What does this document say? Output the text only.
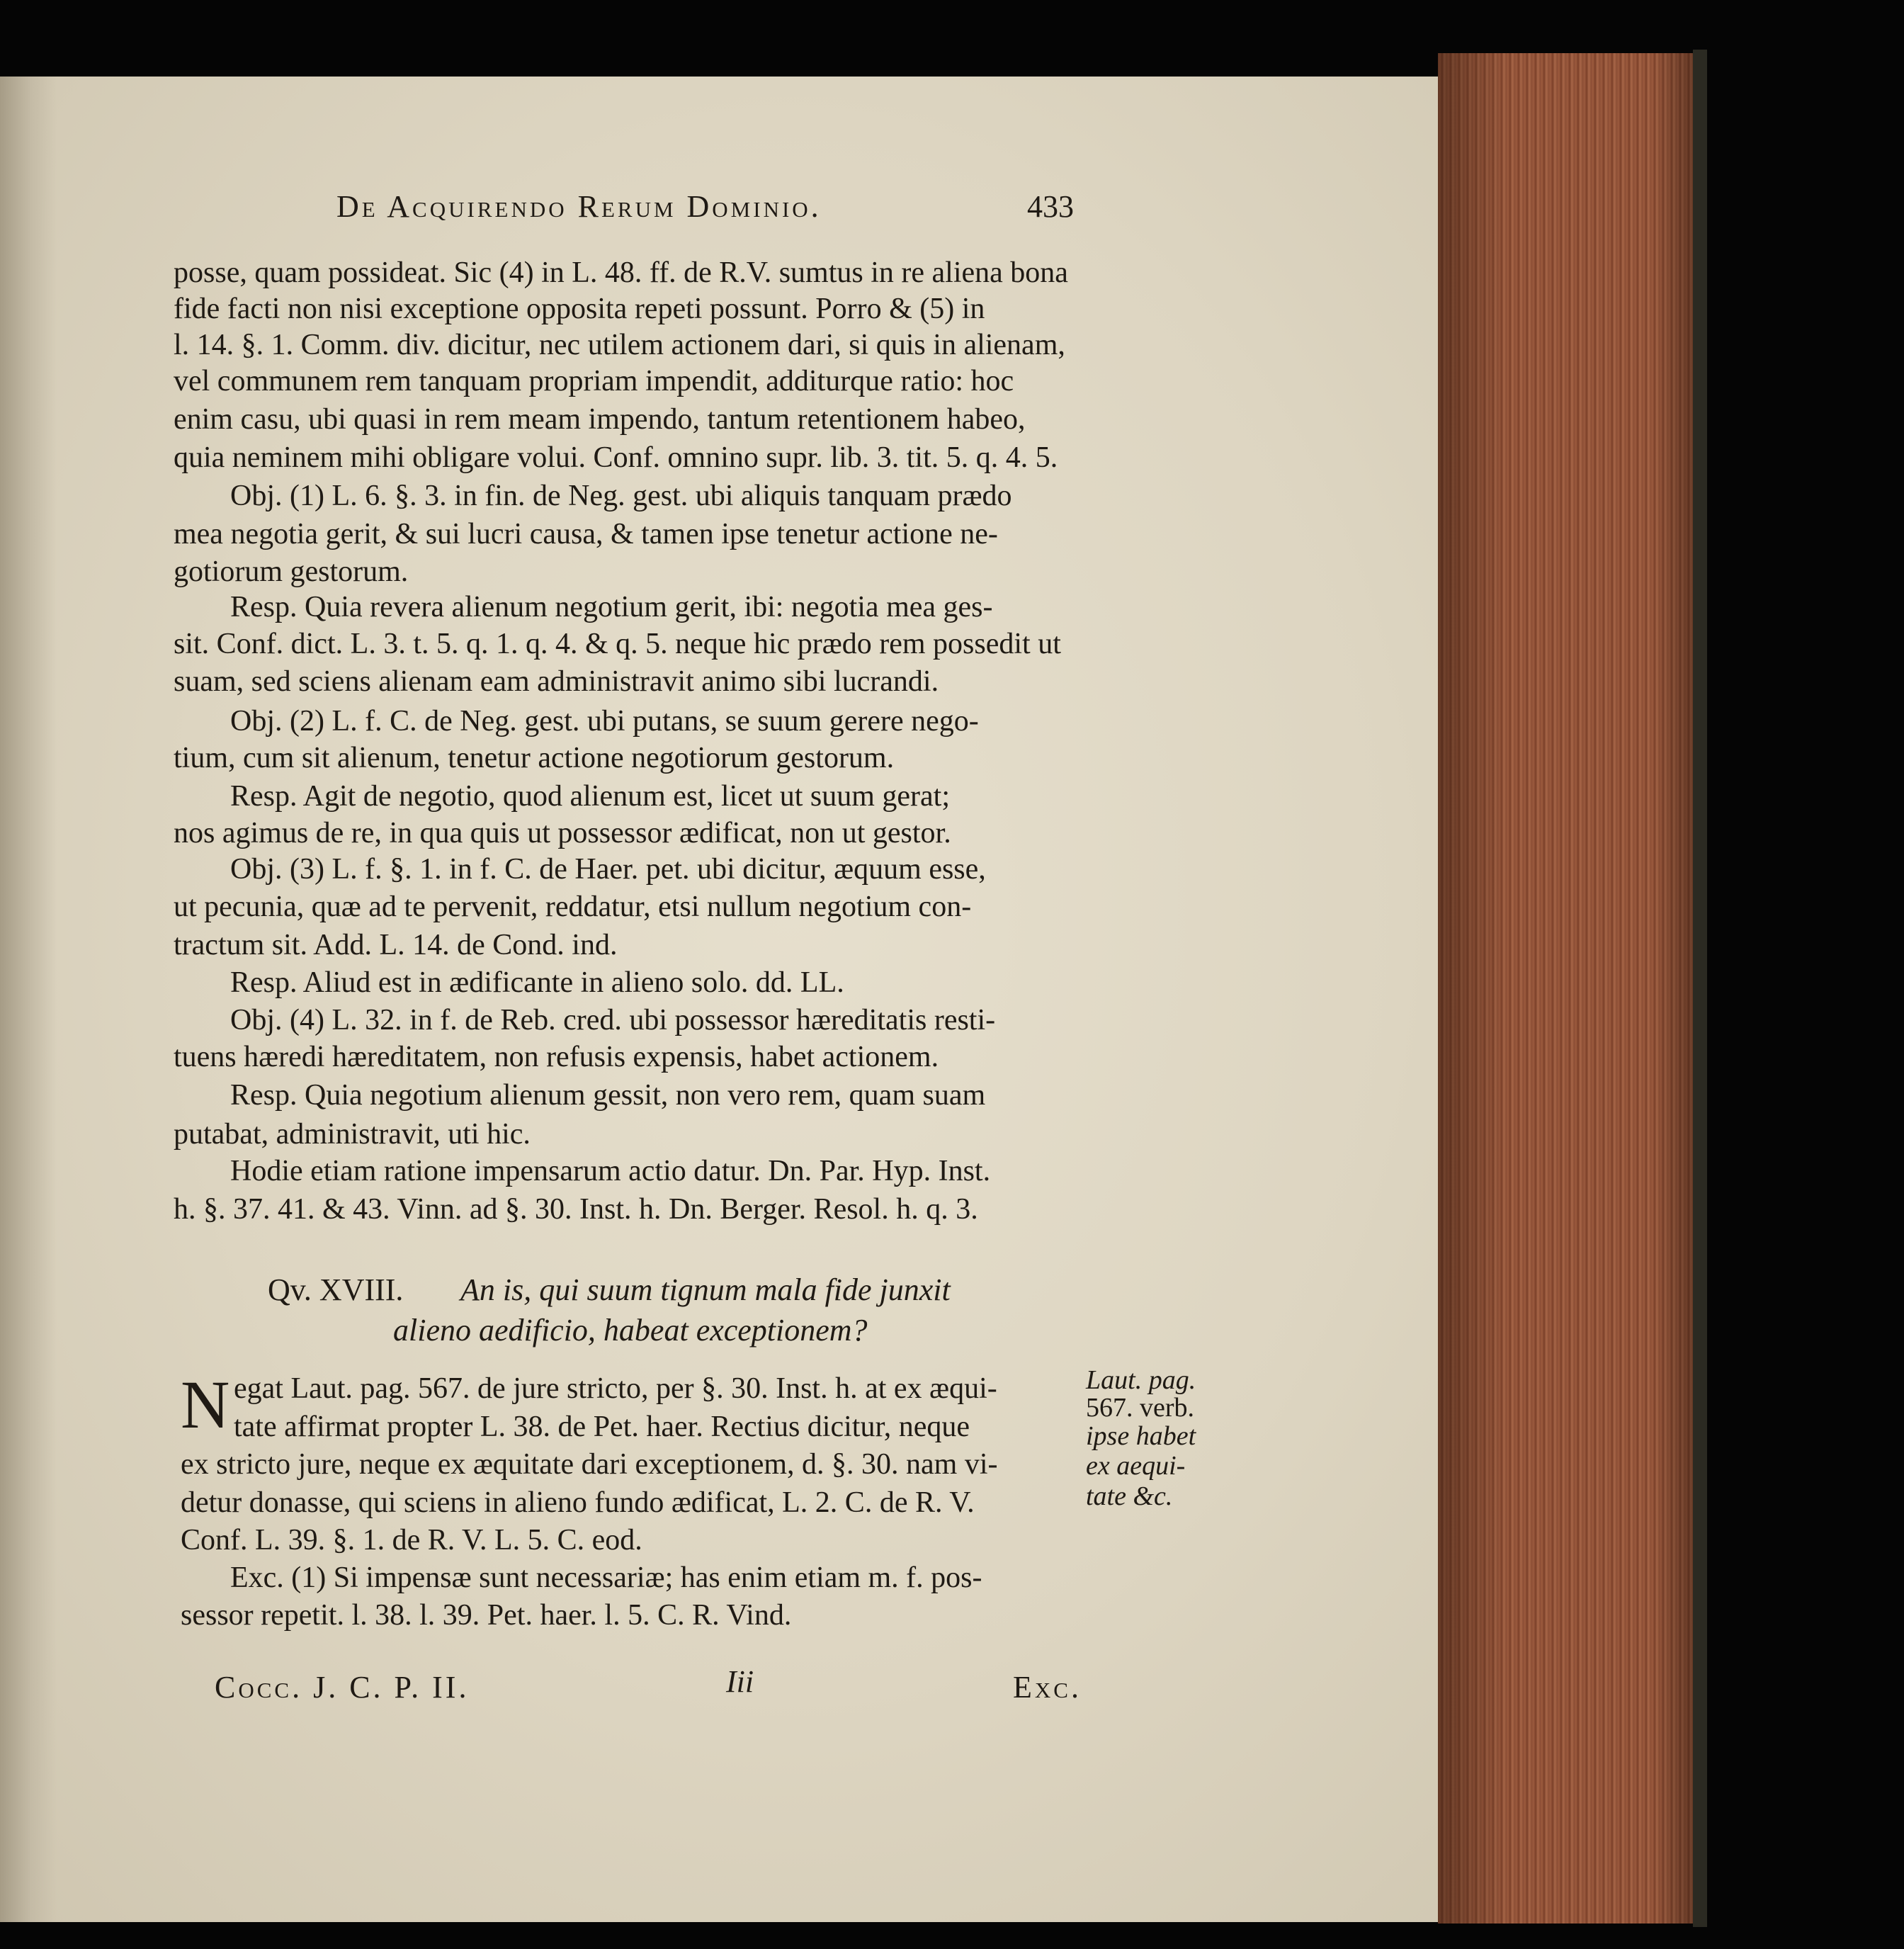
De Acquirendo Rerum Dominio.	433
posse, quam possideat. Sic (4) in L. 48. ff. de R.V. sumtus in re aliena bona
fide facti non nisi exceptione opposita repeti possunt. Porro & (5) in
l. 14. §. 1. Comm. div. dicitur, nec utilem actionem dari, si quis in alienam,
vel communem rem tanquam propriam impendit, additurque ratio: hoc
enim casu, ubi quasi in rem meam impendo, tantum retentionem habeo,
quia neminem mihi obligare volui. Conf. omnino supr. lib. 3. tit. 5. q. 4. 5.
Obj. (1) L. 6. §. 3. in fin. de Neg. gest. ubi aliquis tanquam prædo
mea negotia gerit, & sui lucri causa, & tamen ipse tenetur actione ne-
gotiorum gestorum.
Resp. Quia revera alienum negotium gerit, ibi: negotia mea ges-
sit. Conf. dict. L. 3. t. 5. q. 1. q. 4. & q. 5. neque hic prædo rem possedit ut
suam, sed sciens alienam eam administravit animo sibi lucrandi.
Obj. (2) L. f. C. de Neg. gest. ubi putans, se suum gerere nego-
tium, cum sit alienum, tenetur actione negotiorum gestorum.
Resp. Agit de negotio, quod alienum est, licet ut suum gerat;
nos agimus de re, in qua quis ut possessor ædificat, non ut gestor.
Obj. (3) L. f. §. 1. in f. C. de Haer. pet. ubi dicitur, æquum esse,
ut pecunia, quæ ad te pervenit, reddatur, etsi nullum negotium con-
tractum sit. Add. L. 14. de Cond. ind.
Resp. Aliud est in ædificante in alieno solo. dd. LL.
Obj. (4) L. 32. in f. de Reb. cred. ubi possessor hæreditatis resti-
tuens hæredi hæreditatem, non refusis expensis, habet actionem.
Resp. Quia negotium alienum gessit, non vero rem, quam suam
putabat, administravit, uti hic.
Hodie etiam ratione impensarum actio datur. Dn. Par. Hyp. Inst.
h. §. 37. 41. & 43. Vinn. ad §. 30. Inst. h. Dn. Berger. Resol. h. q. 3.
Qv. XVIII. An is, qui suum tignum mala fide junxit
alieno aedificio, habeat exceptionem?
N egat Laut. pag. 567. de jure stricto, per §. 30. Inst. h. at ex æqui-
tate affirmat propter L. 38. de Pet. haer. Rectius dicitur, neque
ex stricto jure, neque ex æquitate dari exceptionem, d. §. 30. nam vi-
detur donasse, qui sciens in alieno fundo ædificat, L. 2. C. de R. V.
Conf. L. 39. §. 1. de R. V. L. 5. C. eod.
Exc. (1) Si impensæ sunt necessariæ; has enim etiam m. f. pos-
sessor repetit. l. 38. l. 39. Pet. haer. l. 5. C. R. Vind.
Laut. pag.
567. verb.
ipse habet
ex aequi-
tate &c.
Cocc. J. C. P. II.	Iii	Exc.
